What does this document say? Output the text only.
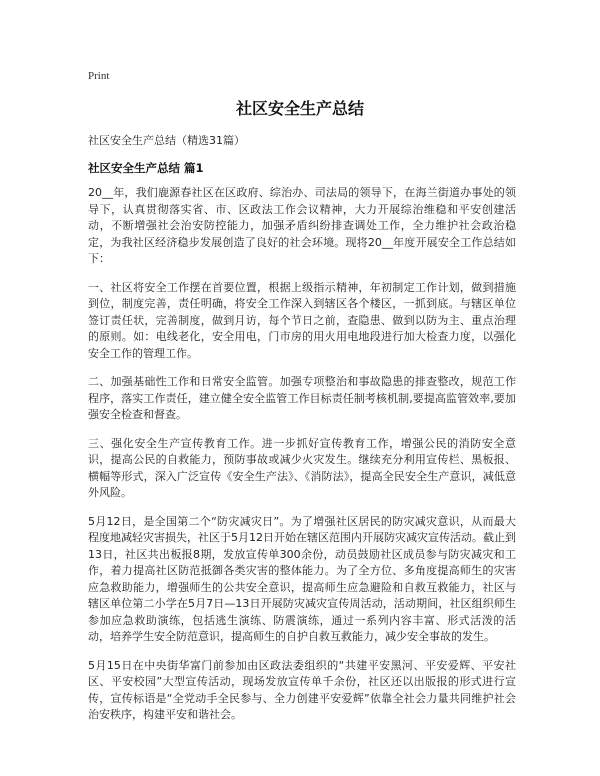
Print
社区安全生产总结

社区安全生产总结（精选31篇）

社区安全生产总结 篇1

20__年，我们鹿源春社区在区政府、综治办、司法局的领导下，在海兰街道办事处的领导下，认真贯彻落实省、市、区政法工作会议精神，大力开展综治维稳和平安创建活动，不断增强社会治安防控能力，加强矛盾纠纷排查调处工作，全力维护社会政治稳定，为我社区经济稳步发展创造了良好的社会环境。现将20__年度开展安全工作总结如下：

一、社区将安全工作摆在首要位置，根据上级指示精神，年初制定工作计划，做到措施到位，制度完善，责任明确，将安全工作深入到辖区各个楼区，一抓到底。与辖区单位签订责任状，完善制度，做到月访，每个节日之前，查隐患、做到以防为主、重点治理的原则。如：电线老化，安全用电，门市房的用火用电地段进行加大检查力度，以强化安全工作的管理工作。

二、加强基础性工作和日常安全监管。加强专项整治和事故隐患的排查整改，规范工作程序，落实工作责任，建立健全安全监管工作目标责任制考核机制,要提高监管效率,要加强安全检查和督查。

三、强化安全生产宣传教育工作。进一步抓好宣传教育工作，增强公民的消防安全意识，提高公民的自救能力，预防事故或减少火灾发生。继续充分利用宣传栏、黑板报、横幅等形式，深入广泛宣传《安全生产法》、《消防法》，提高全民安全生产意识，减低意外风险。

5月12日，是全国第二个“防灾减灾日”。为了增强社区居民的防灾减灾意识，从而最大程度地减轻灾害损失，社区于5月12日开始在辖区范围内开展防灾减灾宣传活动。截止到13日，社区共出板报8期，发放宣传单300余份，动员鼓励社区成员参与防灾减灾和工作，着力提高社区防范抵御各类灾害的整体能力。为了全方位、多角度提高师生的灾害应急救助能力，增强师生的公共安全意识，提高师生应急避险和自救互救能力，社区与辖区单位第二小学在5月7日—13日开展防灾减灾宣传周活动，活动期间，社区组织师生参加应急救助演练，包括逃生演练、防震演练，通过一系列内容丰富、形式活泼的活动，培养学生安全防范意识，提高师生的自护自救互救能力，减少安全事故的发生。

5月15日在中央街华富门前参加由区政法委组织的“共建平安黑河、平安爱辉、平安社区、平安校园”大型宣传活动，现场发放宣传单千余份，社区还以出版报的形式进行宣传，宣传标语是“全党动手全民参与、全力创建平安爱辉”依靠全社会力量共同维护社会治安秩序，构建平安和谐社会。
